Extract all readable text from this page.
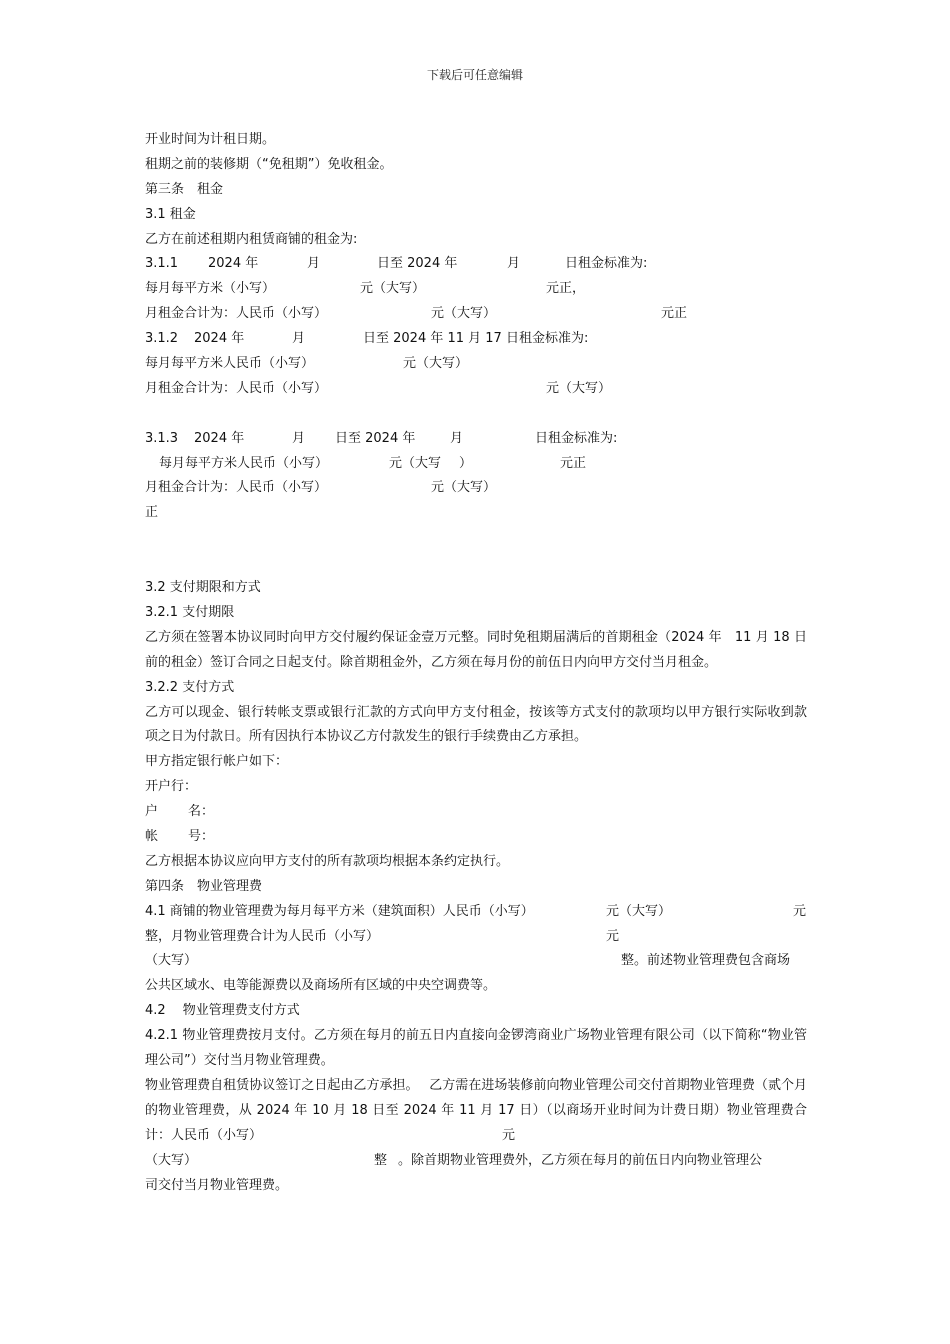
下载后可任意编辑
开业时间为计租日期。
租期之前的装修期（“免租期”）免收租金。
第三条　租金
3.1 租金
乙方在前述租期内租赁商铺的租金为:
3.1.1 2024 年	月	日至 2024 年	月	日租金标准为:
每月每平方米（小写）	元（大写）	元正，
月租金合计为：人民币（小写）	元（大写）	元正
3.1.2 2024 年	月	日至 2024 年 11 月 17 日租金标准为:
每月每平方米人民币（小写）	元（大写）
月租金合计为：人民币（小写）	元（大写）
3.1.3 2024 年	月 日至 2024 年	月	日租金标准为:
每月每平方米人民币（小写）	元（大写 ）	元正
月租金合计为：人民币（小写）	元（大写）
正
3.2 支付期限和方式
3.2.1 支付期限
乙方须在签署本协议同时向甲方交付履约保证金壹万元整。同时免租期届满后的首期租金（2024 年　11 月 18 日前的租金）签订合同之日起支付。除首期租金外，乙方须在每月份的前伍日内向甲方交付当月租金。
3.2.2 支付方式
乙方可以现金、银行转帐支票或银行汇款的方式向甲方支付租金，按该等方式支付的款项均以甲方银行实际收到款项之日为付款日。所有因执行本协议乙方付款发生的银行手续费由乙方承担。
甲方指定银行帐户如下：
开户行：
户 名：
帐 号：
乙方根据本协议应向甲方支付的所有款项均根据本条约定执行。
第四条　物业管理费
4.1 商铺的物业管理费为每月每平方米（建筑面积）人民币（小写）	元（大写）	元
整，月物业管理费合计为人民币（小写）	元
（大写）	整。前述物业管理费包含商场
公共区域水、电等能源费以及商场所有区域的中央空调费等。
4.2　 物业管理费支付方式
4.2.1 物业管理费按月支付。乙方须在每月的前五日内直接向金锣湾商业广场物业管理有限公司（以下简称“物业管理公司”）交付当月物业管理费。
物业管理费自租赁协议签订之日起由乙方承担。　 乙方需在进场装修前向物业管理公司交付首期物业管理费（贰个月的物业管理费，从 2024 年 10 月 18 日至 2024 年 11 月 17 日）（以商场开业时间为计费日期）物业管理费合计：人民币（小写）	元
（大写）	整 。除首期物业管理费外，乙方须在每月的前伍日内向物业管理公
司交付当月物业管理费。
